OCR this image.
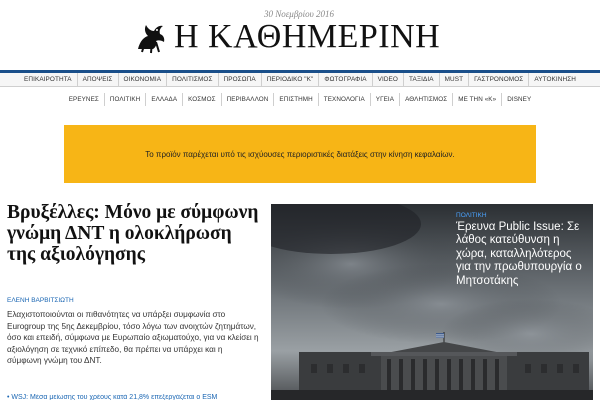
30 Νοεμβρίου 2016
Η ΚΑΘΗΜΕΡΙΝΗ
ΕΠΙΚΑΙΡΟΤΗΤΑ	ΑΠΟΨΕΙΣ	ΟΙΚΟΝΟΜΙΑ	ΠΟΛΙΤΙΣΜΟΣ	ΠΡΟΣΩΠΑ	ΠΕΡΙΟΔΙΚΟ "Κ"	ΦΩΤΟΓΡΑΦΙΑ	VIDEO	ΤΑΞΙΔΙΑ	MUST	ΓΑΣΤΡΟΝΟΜΟΣ	ΑΥΤΟΚΙΝΗΣΗ
ΕΡΕΥΝΕΣ	ΠΟΛΙΤΙΚΗ	ΕΛΛΑΔΑ	ΚΟΣΜΟΣ	ΠΕΡΙΒΑΛΛΟΝ	ΕΠΙΣΤΗΜΗ	ΤΕΧΝΟΛΟΓΙΑ	ΥΓΕΙΑ	ΑΘΛΗΤΙΣΜΟΣ	ΜΕ ΤΗΝ «Κ»	DISNEY
Το προϊόν παρέχεται υπό τις ισχύουσες περιοριστικές διατάξεις στην κίνηση κεφαλαίων.
Βρυξέλλες: Μόνο με σύμφωνη γνώμη ΔΝΤ η ολοκλήρωση της αξιολόγησης
ΕΛΕΝΗ ΒΑΡΒΙΤΣΙΩΤΗ

Ελαχιστοποιούνται οι πιθανότητες να υπάρξει συμφωνία στο Eurogroup της 5ης Δεκεμβρίου, τόσο λόγω των ανοιχτών ζητημάτων, όσο και επειδή, σύμφωνα με Ευρωπαίο αξιωματούχο, για να κλείσει η αξιολόγηση σε τεχνικό επίπεδο, θα πρέπει να υπάρχει και η σύμφωνη γνώμη του ΔΝΤ.

• WSJ: Μέσα μείωσης του χρέους κατά 21,8% επεξεργάζεται ο ESM
ΠΟΛΙΤΙΚΗ
Έρευνα Public Issue: Σε λάθος κατεύθυνση η χώρα, καταλληλότερος για την πρωθυπουργία ο Μητσοτάκης
